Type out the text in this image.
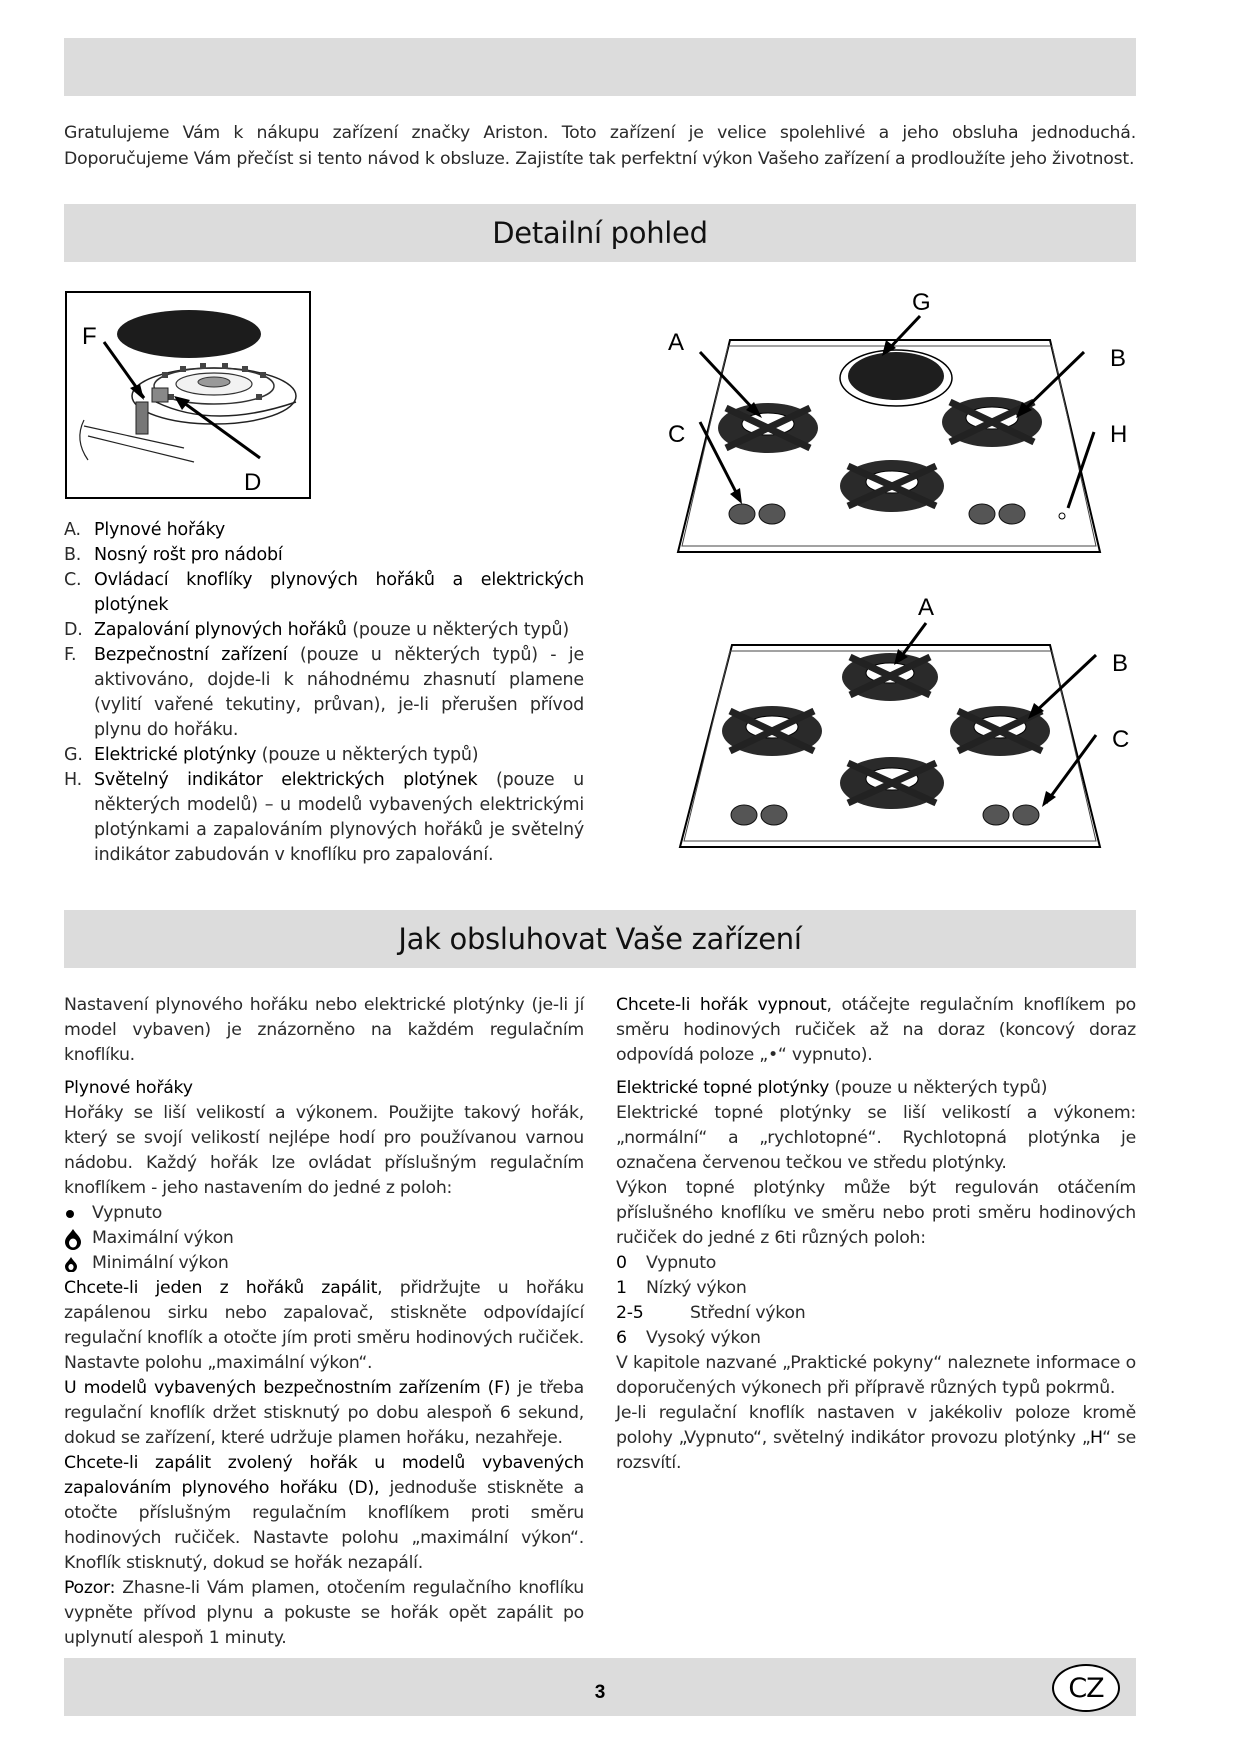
Gratulujeme Vám k nákupu zařízení značky Ariston. Toto zařízení je velice spolehlivé a jeho obsluha jednoduchá. Doporučujeme Vám přečíst si tento návod k obsluze. Zajistíte tak perfektní výkon Vašeho zařízení a prodloužíte jeho životnost.
Detailní pohled
F
D
A
G
B
C	H
A
B
C
A. Plynové hořáky
B. Nosný rošt pro nádobí
C. Ovládací knoflíky plynových hořáků a elektrických plotýnek
D. Zapalování plynových hořáků (pouze u některých typů)
F.	Bezpečnostní zařízení (pouze u některých typů) - je aktivováno, dojde-li k náhodnému zhasnutí plamene (vylití vařené tekutiny, průvan), je-li přerušen přívod plynu do hořáku.
G. Elektrické plotýnky (pouze u některých typů)
H. Světelný indikátor elektrických plotýnek (pouze u některých modelů) – u modelů vybavených elektrickými plotýnkami a zapalováním plynových hořáků je světelný indikátor zabudován v knoflíku pro zapalování.
Jak obsluhovat Vaše zařízení

Nastavení plynového hořáku nebo elektrické plotýnky (je-li jí model vybaven) je znázorněno na každém regulačním knoflíku.

Plynové hořáky

Hořáky se liší velikostí a výkonem. Použijte takový hořák, který se svojí velikostí nejlépe hodí pro používanou varnou nádobu. Každý hořák lze ovládat příslušným regulačním knoflíkem - jeho nastavením do jedné z poloh:

Vypnuto
Maximální výkon
Minimální výkon

Chcete-li jeden z hořáků zapálit, přidržujte u hořáku zapálenou sirku nebo zapalovač, stiskněte odpovídající regulační knoflík a otočte jím proti směru hodinových ručiček. Nastavte polohu „maximální výkon“.

U modelů vybavených bezpečnostním zařízením (F) je třeba regulační knoflík držet stisknutý po dobu alespoň 6 sekund, dokud se zařízení, které udržuje plamen hořáku, nezahřeje.

Chcete-li zapálit zvolený hořák u modelů vybavených zapalováním plynového hořáku (D), jednoduše stiskněte a otočte příslušným regulačním knoflíkem proti směru hodinových ručiček. Nastavte polohu „maximální výkon“. Knoflík stisknutý, dokud se hořák nezapálí.

Pozor: Zhasne-li Vám plamen, otočením regulačního knoflíku vypněte přívod plynu a pokuste se hořák opět zapálit po uplynutí alespoň 1 minuty.

Chcete-li hořák vypnout, otáčejte regulačním knoflíkem po směru hodinových ručiček až na doraz (koncový doraz odpovídá poloze „•“ vypnuto).

Elektrické topné plotýnky (pouze u některých typů)

Elektrické topné plotýnky se liší velikostí a výkonem: „normální“ a „rychlotopné“. Rychlotopná plotýnka je označena červenou tečkou ve středu plotýnky.

Výkon topné plotýnky může být regulován otáčením příslušného knoflíku ve směru nebo proti směru hodinových ručiček do jedné z 6ti různých poloh:

0	Vypnuto
1	Nízký výkon
2-5	Střední výkon
6	Vysoký výkon

V kapitole nazvané „Praktické pokyny“ naleznete informace o doporučených výkonech při přípravě různých typů pokrmů.

Je-li regulační knoflík nastaven v jakékoliv poloze kromě polohy „Vypnuto“, světelný indikátor provozu plotýnky „H“ se rozsvítí.

3	CZ
